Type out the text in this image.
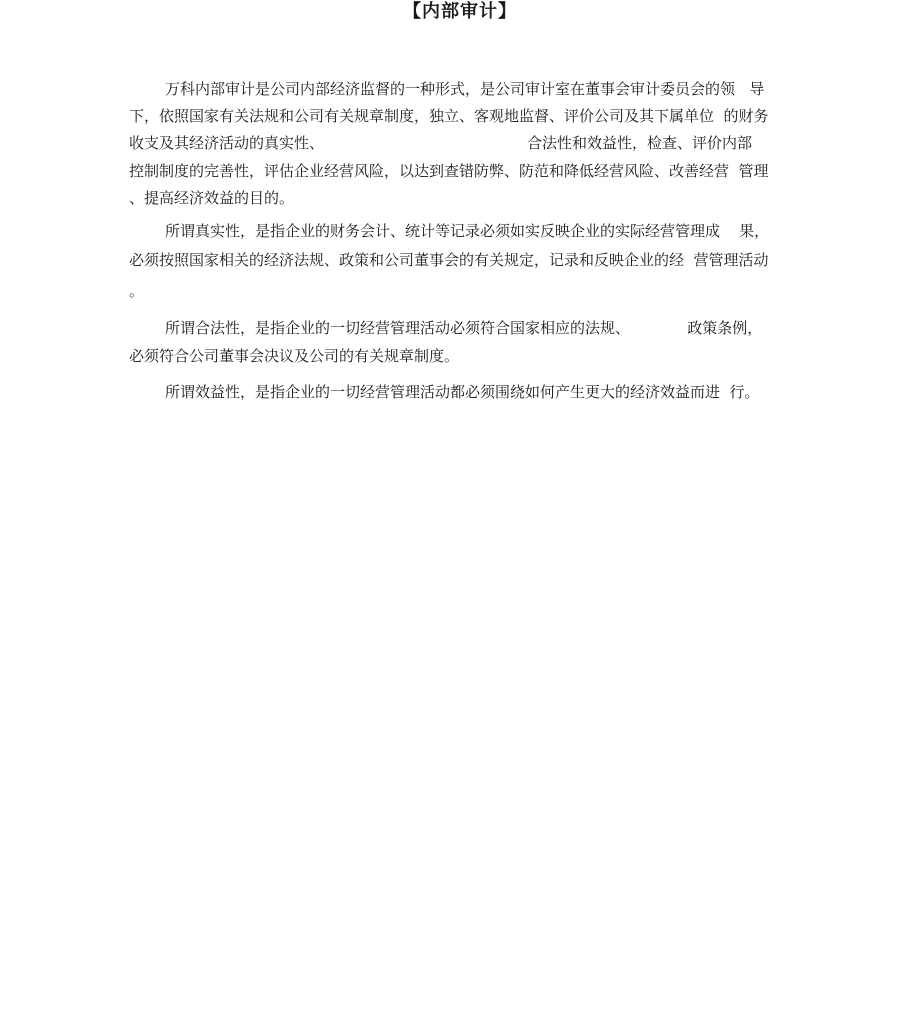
【内部审计】

万科内部审计是公司内部经济监督的一种形式，是公司审计室在董事会审计委员会的领   导

下，依照国家有关法规和公司有关规章制度，独立、客观地监督、评价公司及其下属单位  的财务

收支及其经济活动的真实性、	合法性和效益性，检查、评价内部

控制制度的完善性，评估企业经营风险，以达到查错防弊、防范和降低经营风险、改善经营  管理

、提高经济效益的目的。

所谓真实性，是指企业的财务会计、统计等记录必须如实反映企业的实际经营管理成    果，

必须按照国家相关的经济法规、政策和公司董事会的有关规定，记录和反映企业的经  营管理活动

。

所谓合法性，是指企业的一切经营管理活动必须符合国家相应的法规、            政策条例，

必须符合公司董事会决议及公司的有关规章制度。

所谓效益性，是指企业的一切经营管理活动都必须围绕如何产生更大的经济效益而进  行。
